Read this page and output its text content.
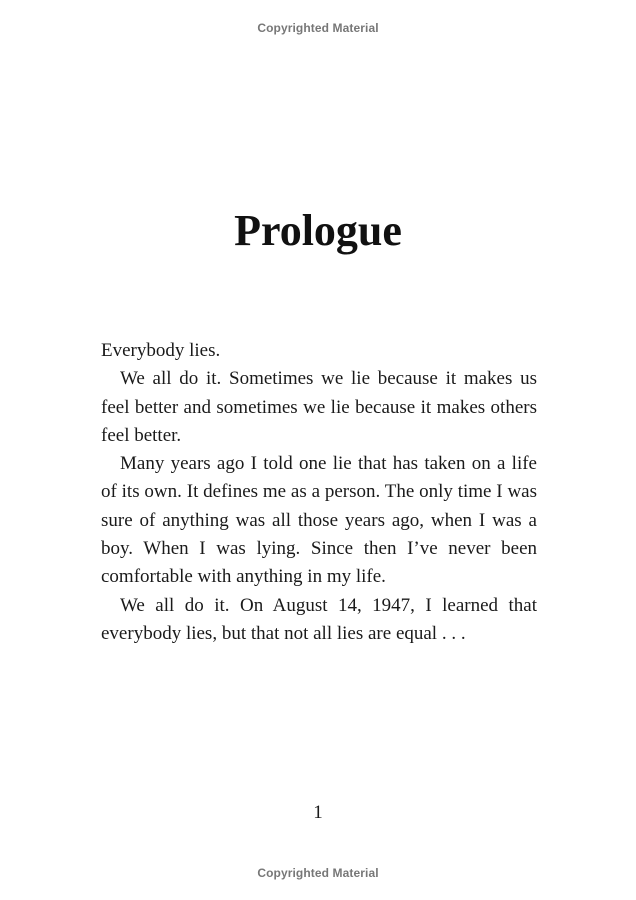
Copyrighted Material
Prologue

Everybody lies.

We all do it. Sometimes we lie because it makes us feel better and sometimes we lie because it makes others feel better.

Many years ago I told one lie that has taken on a life of its own. It defines me as a person. The only time I was sure of anything was all those years ago, when I was a boy. When I was lying. Since then I’ve never been comfortable with anything in my life.

We all do it. On August 14, 1947, I learned that everybody lies, but that not all lies are equal . . .

1
Copyrighted Material
